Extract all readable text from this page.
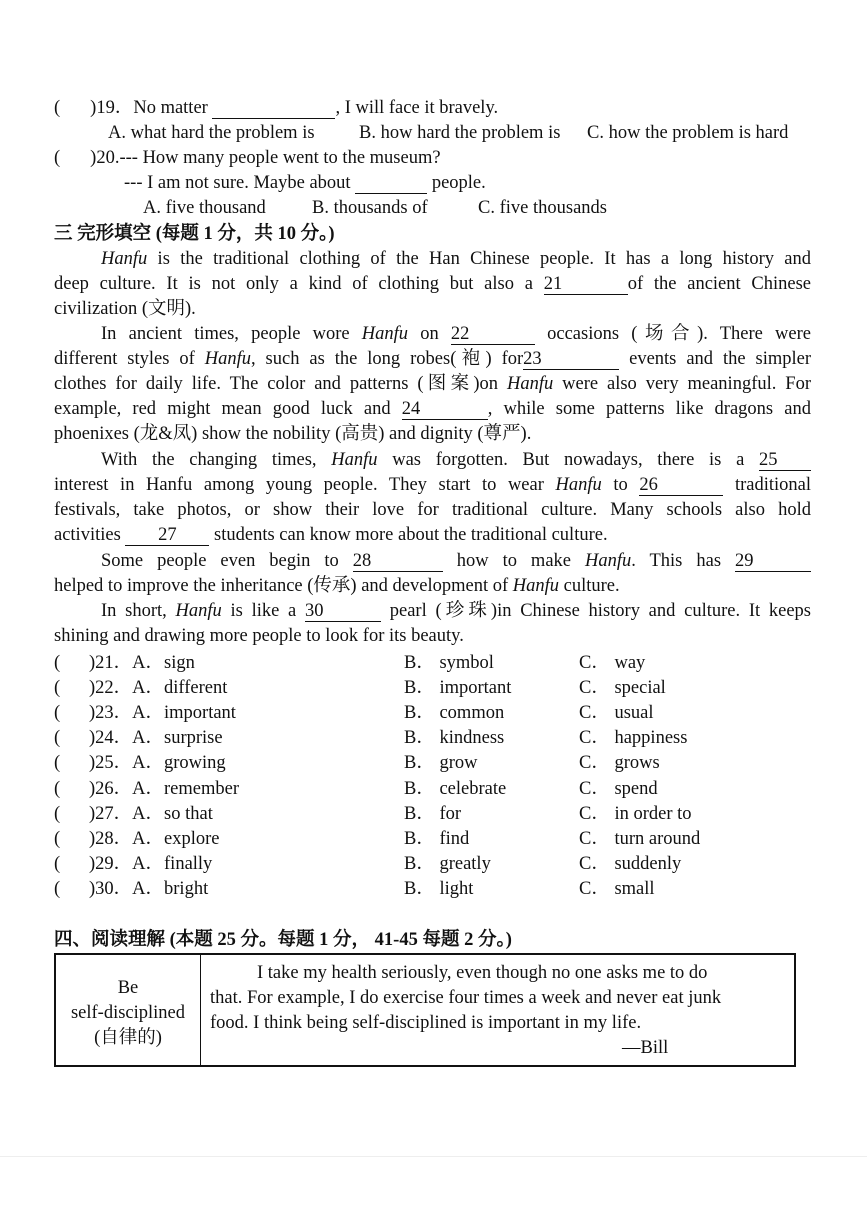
( )19．No matter	, I will face it bravely.
A. what hard the problem is B. how hard the problem is C. how the problem is hard
( )20.--- How many people went to the museum?
--- I am not sure. Maybe about	people.
A. five thousand B. thousands of	C. five thousands
三 完形填空 (每题 1 分，共 10 分。)
Hanfu is the traditional clothing of the Han Chinese people. It has a long history and
deep culture. It is not only a kind of clothing but also a 21	of the ancient Chinese
civilization (文明).
In ancient times, people wore Hanfu on 22	occasions (场合). There were
different styles of Hanfu, such as the long robes(袍) for23	events and the simpler
clothes for daily life. The color and patterns (图案)on Hanfu were also very meaningful. For
example, red might mean good luck and 24	, while some patterns like dragons and
phoenixes (龙&凤) show the nobility (高贵) and dignity (尊严).
With the changing times, Hanfu was forgotten. But nowadays, there is a 25
interest in Hanfu among young people. They start to wear Hanfu to 26	traditional
festivals, take photos, or show their love for traditional culture. Many schools also hold
activities 27 students can know more about the traditional culture.
Some people even begin to 28	how to make Hanfu. This has 29
helped to improve the inheritance (传承) and development of Hanfu culture.
In short, Hanfu is like a 30	pearl (珍珠)in Chinese history and culture. It keeps
shining and drawing more people to look for its beauty.
( )21．A．sign	B． symbol	C． way
( )22．A．different	B． important	C． special
( )23．A．important	B． common	C． usual
( )24．A．surprise	B． kindness	C． happiness
( )25．A．growing	B． grow	C． grows
( )26．A．remember	B． celebrate	C． spend
( )27．A．so that	B． for	C． in order to
( )28．A．explore	B． find	C． turn around
( )29．A．finally	B． greatly	C． suddenly
( )30．A．bright	B． light	C． small
四、阅读理解 (本题 25 分。每题 1 分， 41-45 每题 2 分。)
Be
self-disciplined
(自律的)
I take my health seriously, even though no one asks me to do
that. For example, I do exercise four times a week and never eat junk
food. I think being self-disciplined is important in my life.
—Bill
